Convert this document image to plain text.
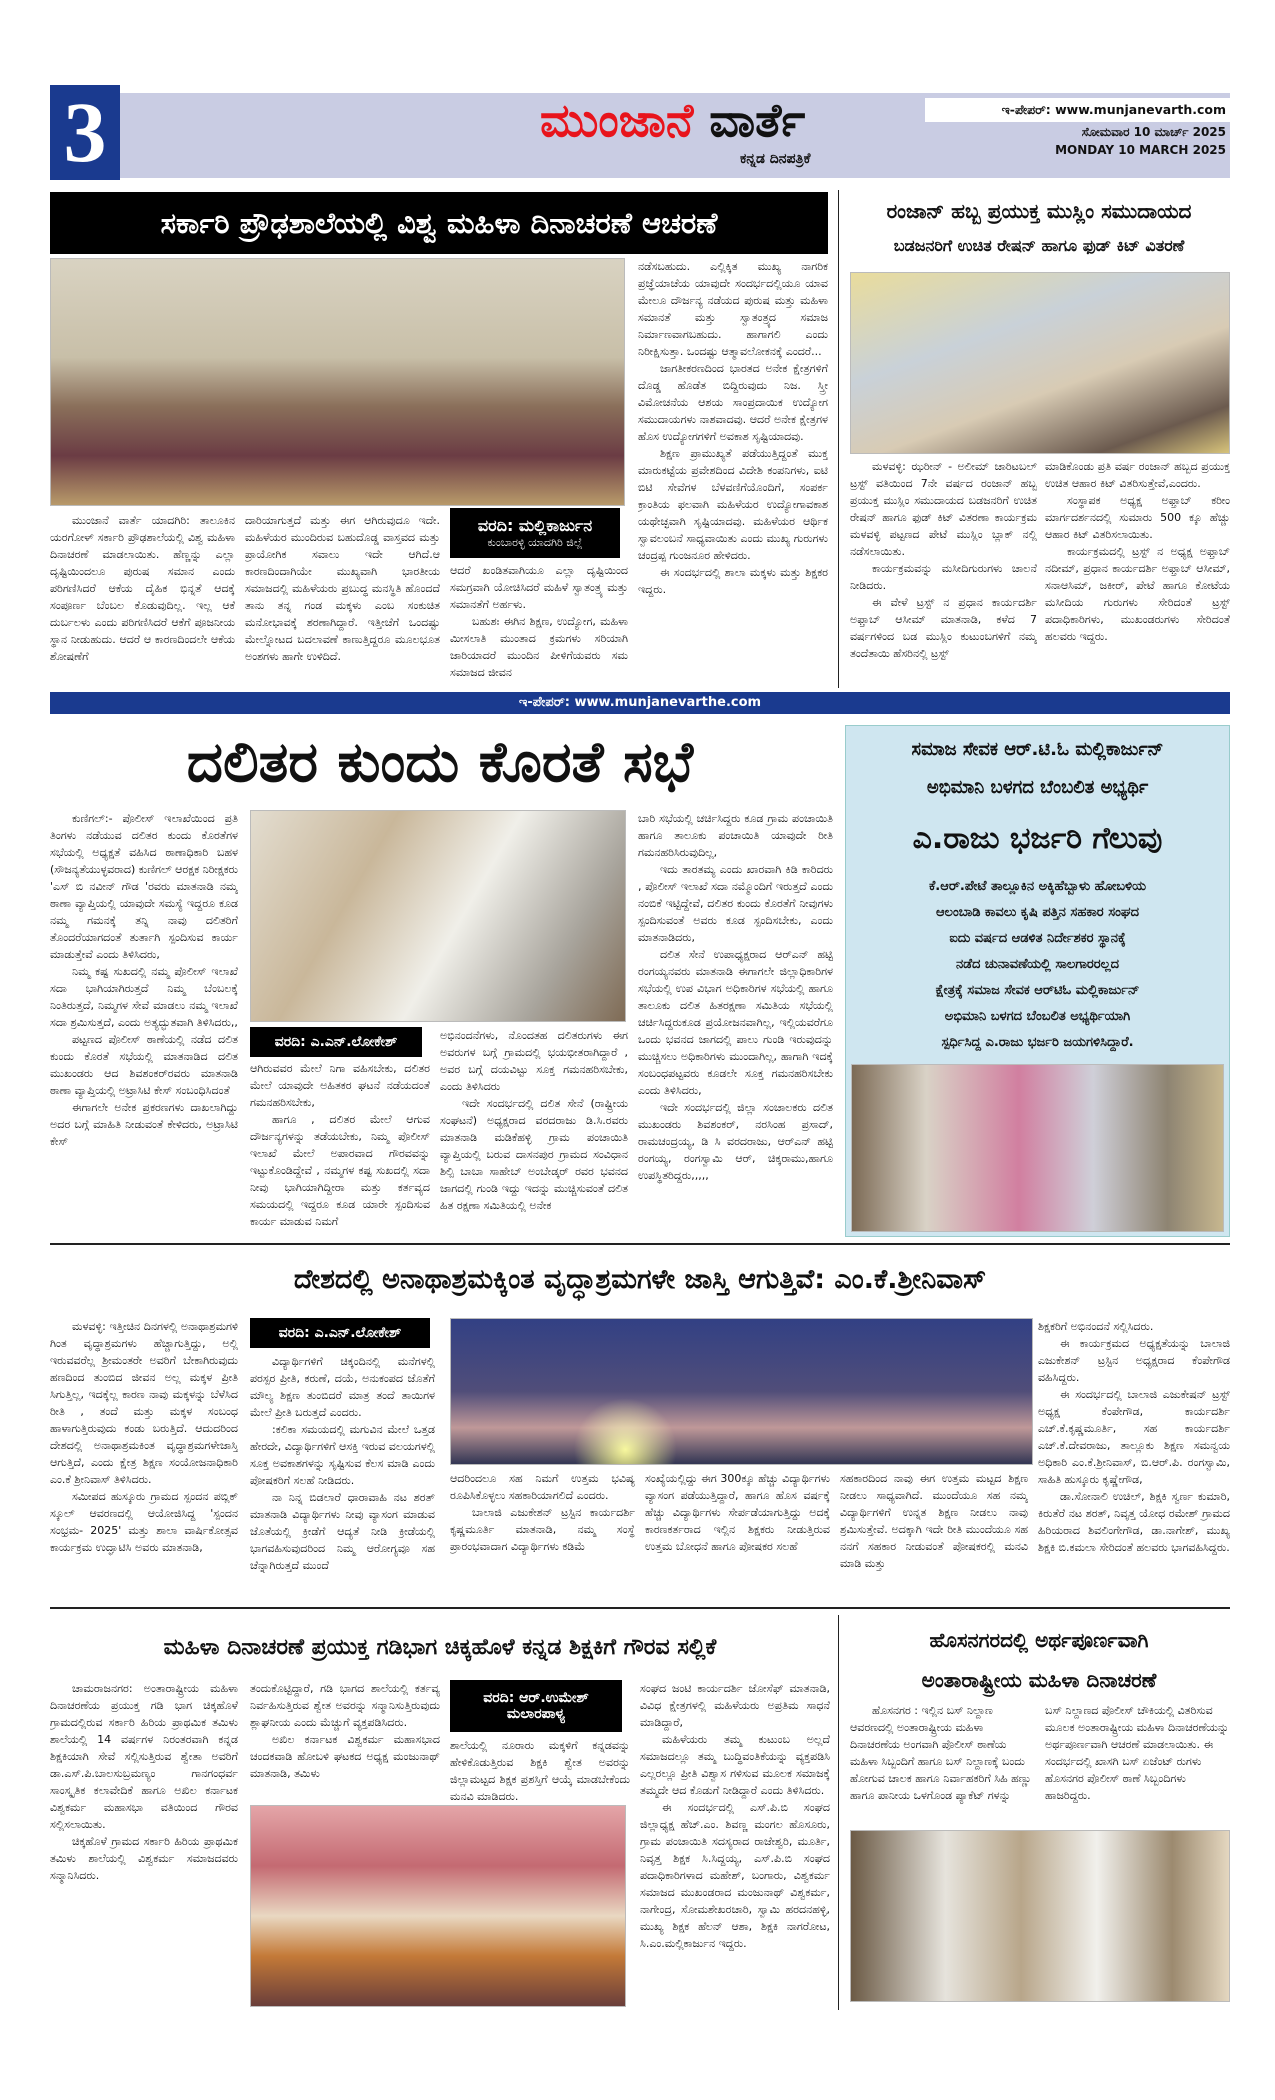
3	ಮುಂಜಾನೆ ವಾರ್ತೆ
ಕನ್ನಡ ದಿನಪತ್ರಿಕೆ
ಇ-ಪೇಪರ್: www.munjanevarth.com
ಸೋಮವಾರ 10 ಮಾರ್ಚ್ 2025
MONDAY 10 MARCH 2025
ಸರ್ಕಾರಿ ಪ್ರೌಢಶಾಲೆಯಲ್ಲಿ ವಿಶ್ವ ಮಹಿಳಾ ದಿನಾಚರಣೆ ಆಚರಣೆ

ಮುಂಜಾನೆ ವಾರ್ತೆ ಯಾದಗಿರಿ: ತಾಲೂಕಿನ ಯರಗೋಳ್ ಸರ್ಕಾರಿ ಪ್ರೌಢಶಾಲೆಯಲ್ಲಿ ವಿಶ್ವ ಮಹಿಳಾ ದಿನಾಚರಣೆ ಮಾಡಲಾಯಿತು. ಹೆಣ್ಣನ್ನು ಎಲ್ಲಾ ದೃಷ್ಟಿಯಿಂದಲೂ ಪುರುಷ ಸಮಾನ ಎಂದು ಪರಿಗಣಿಸಿದರೆ ಆಕೆಯ ದೈಹಿಕ ಭಿನ್ನತೆ ಆದಕ್ಕೆ ಸಂಪೂರ್ಣ ಬೆಂಬಲ ಕೊಡುವುದಿಲ್ಲ. ಇಲ್ಲ ಆಕೆ ದುರ್ಬಲಳು ಎಂದು ಪರಿಗಣಿಸಿದರೆ ಆಕೆಗೆ ಪೂಜನೀಯ ಸ್ಥಾನ ನೀಡುಹುದು. ಆದರೆ ಆ ಕಾರಣದಿಂದಲೇ ಆಕೆಯ ಶೋಷಣೆಗೆ

ದಾರಿಯಾಗುತ್ತದೆ ಮತ್ತು ಈಗ ಆಗಿರುವುದೂ ಇದೇ. ಮಹಿಳೆಯರ ಮುಂದಿರುವ ಬಹುದೊಡ್ಡ ವಾಸ್ತವದ ಮತ್ತು ಪ್ರಾಯೋಗಿಕ ಸವಾಲು ಇದೇ ಆಗಿದೆ.ಆ ಕಾರಣದಿಂದಾಗಿಯೇ ಮುಖ್ಯವಾಗಿ ಭಾರತೀಯ ಸಮಾಜದಲ್ಲಿ ಮಹಿಳೆಯರು ಪ್ರಬುದ್ಧ ಮನಸ್ಥಿತಿ ಹೊಂದದೆ ತಾನು ತನ್ನ ಗಂಡ ಮಕ್ಕಳು ಎಂಬ ಸಂಕುಚಿತ ಮನೋಭಾವಕ್ಕೆ ಶರಣಾಗಿದ್ದಾರೆ. ಇತ್ತೀಚೆಗೆ ಒಂದಷ್ಟು ಮೇಲ್ನೋಟದ ಬದಲಾವಣೆ ಕಾಣುತ್ತಿದ್ದರೂ ಮೂಲಭೂತ ಅಂಶಗಳು ಹಾಗೇ ಉಳಿದಿದೆ.

ವರದಿ: ಮಲ್ಲಿಕಾರ್ಜುನ
ಕುಂಬಾರಳ್ಳಿ ಯಾದಗಿರಿ ಜಿಲ್ಲೆ

ಆದರೆ ಖಂಡಿತವಾಗಿಯೂ ಎಲ್ಲಾ ದೃಷ್ಟಿಯಿಂದ ಸಮಗ್ರವಾಗಿ ಯೋಚಿಸಿದರೆ ಮಹಿಳೆ ಸ್ವಾತಂತ್ರ್ಯ ಮತ್ತು ಸಮಾನತೆಗೆ ಅರ್ಹಳು.

ಬಹುಶಃ ಈಗಿನ ಶಿಕ್ಷಣ, ಉದ್ಯೋಗ, ಮಹಿಳಾ ಮೀಸಲಾತಿ ಮುಂತಾದ ಕ್ರಮಗಳು ಸರಿಯಾಗಿ ಜಾರಿಯಾದರೆ ಮುಂದಿನ ಪೀಳಿಗೆಯವರು ಸಮ ಸಮಾಜದ ಜೀವನ

ನಡೆಸಬಹುದು. ಎಲ್ಲಿಕ್ಕಿತ ಮುಖ್ಯ ನಾಗರಿಕ ಪ್ರಜ್ಞೆಯಾಚೆಯ ಯಾವುದೇ ಸಂದರ್ಭದಲ್ಲಿಯೂ ಯಾವ ಮೇಲೂ ದೌರ್ಜನ್ಯ ನಡೆಯದ ಪುರುಷ ಮತ್ತು ಮಹಿಳಾ ಸಮಾನತೆ ಮತ್ತು ಸ್ವಾತಂತ್ರ್ಯದ ಸಮಾಜ ನಿರ್ಮಾಣವಾಗಬಹುದು. ಹಾಗಾಗಲಿ ಎಂದು ನಿರೀಕ್ಷಿಸುತ್ತಾ. ಒಂದಷ್ಟು ಆತ್ಮಾವಲೋಕನಕ್ಕೆ ಎಂದರೆ...

ಜಾಗತೀಕರಣದಿಂದ ಭಾರತದ ಅನೇಕ ಕ್ಷೇತ್ರಗಳಿಗೆ ದೊಡ್ಡ ಹೊಡೆತ ಬಿದ್ದಿರುವುದು ನಿಜ. ಸ್ತ್ರೀ ವಿಮೋಚನೆಯ ಆಶಯ ಸಾಂಪ್ರದಾಯಿಕ ಉದ್ಯೋಗ ಸಮುದಾಯಗಳು ನಾಶವಾದವು. ಆದರೆ ಅನೇಕ ಕ್ಷೇತ್ರಗಳ ಹೊಸ ಉದ್ಯೋಗಗಳಿಗೆ ಅವಕಾಶ ಸೃಷ್ಟಿಯಾದವು.

ಶಿಕ್ಷಣ ಪ್ರಾಮುಖ್ಯತೆ ಪಡೆಯುತ್ತಿದ್ದಂತೆ ಮುಕ್ತ ಮಾರುಕಟ್ಟೆಯ ಪ್ರವೇಶದಿಂದ ವಿದೇಶಿ ಕಂಪನಿಗಳು, ಐಟಿ ಬಿಟಿ ಸೇವೆಗಳ ಬೆಳವಣಿಗೆಯೊಂದಿಗೆ, ಸಂಪರ್ಕ ಕ್ರಾಂತಿಯ ಫಲವಾಗಿ ಮಹಿಳೆಯರ ಉದ್ಯೋಗಾವಕಾಶ ಯಥೇಚ್ಛವಾಗಿ ಸೃಷ್ಟಿಯಾದವು. ಮಹಿಳೆಯರ ಆರ್ಥಿಕ ಸ್ವಾವಲಂಬನೆ ಸಾಧ್ಯವಾಯಿತು ಎಂದು ಮುಖ್ಯ ಗುರುಗಳು ಚಂದ್ರಪ್ಪ ಗುಂಜನೂರ ಹೇಳಿದರು.

ಈ ಸಂದರ್ಭದಲ್ಲಿ ಶಾಲಾ ಮಕ್ಕಳು ಮತ್ತು ಶಿಕ್ಷಕರ ಇದ್ದರು.

ರಂಜಾನ್ ಹಬ್ಬ ಪ್ರಯುಕ್ತ ಮುಸ್ಲಿಂ ಸಮುದಾಯದ
ಬಡಜನರಿಗೆ ಉಚಿತ ರೇಷನ್ ಹಾಗೂ ಫುಡ್ ಕಿಟ್ ವಿತರಣೆ

ಮಳವಳ್ಳಿ: ಝರೀನ್ - ಅಲೀಮ್ ಚಾರಿಟಬಲ್ ಟ್ರಸ್ಟ್ ವತಿಯಿಂದ 7ನೇ ವರ್ಷದ ರಂಜಾನ್ ಹಬ್ಬ ಪ್ರಯುಕ್ತ ಮುಸ್ಲಿಂ ಸಮುದಾಯದ ಬಡಜನರಿಗೆ ಉಚಿತ ರೇಷನ್ ಹಾಗೂ ಫುಡ್ ಕಿಟ್ ವಿತರಣಾ ಕಾರ್ಯಕ್ರಮ ಮಳವಳ್ಳಿ ಪಟ್ಟಣದ ಪೇಟೆ ಮುಸ್ಲಿಂ ಬ್ಲಾಕ್ ನಲ್ಲಿ ನಡೆಸಲಾಯಿತು.

ಕಾರ್ಯಕ್ರಮವನ್ನು ಮಸೀದಿಗುರುಗಳು ಚಾಲನೆ ನೀಡಿದರು.

ಈ ವೇಳೆ ಟ್ರಸ್ಟ್ ನ ಪ್ರಧಾನ ಕಾರ್ಯದರ್ಶಿ ಅಫ್ತಾಬ್ ಆಸೀಮ್ ಮಾತನಾಡಿ, ಕಳೆದ 7 ವರ್ಷಗಳಿಂದ ಬಡ ಮುಸ್ಲಿಂ ಕುಟುಂಬಗಳಿಗೆ ನಮ್ಮ ತಂದೆತಾಯಿ ಹೆಸರಿನಲ್ಲಿ ಟ್ರಸ್ಟ್

ಮಾಡಿಕೊಂಡು ಪ್ರತಿ ವರ್ಷ ರಂಜಾನ್ ಹಬ್ಬದ ಪ್ರಯುಕ್ತ ಉಚಿತ ಆಹಾರ ಕಿಟ್ ವಿತರಿಸುತ್ತೇವೆ,ಎಂದರು.

ಸಂಸ್ಥಾಪಕ ಅಧ್ಯಕ್ಷ ಅಫ್ತಾಬ್ ಕರೀಂ ಮಾರ್ಗದರ್ಶನದಲ್ಲಿ ಸುಮಾರು 500 ಕ್ಕೂ ಹೆಚ್ಚು ಆಹಾರ ಕಿಟ್ ವಿತರಿಸಲಾಯಿತು.

ಕಾರ್ಯಕ್ರಮದಲ್ಲಿ ಟ್ರಸ್ಟ್ ನ ಅಧ್ಯಕ್ಷ ಅಫ್ತಾಬ್ ನದೀಮ್, ಪ್ರಧಾನ ಕಾರ್ಯದರ್ಶಿ ಅಫ್ತಾಬ್ ಆಸೀಮ್, ಸನಾಆಸಿಮ್, ಜಕೀರ್, ಪೇಟೆ ಹಾಗೂ ಕೋಟೆಯ ಮಸೀದಿಯ ಗುರುಗಳು ಸೇರಿದಂತೆ ಟ್ರಸ್ಟ್ ಪದಾಧಿಕಾರಿಗಳು, ಮುಖಂಡರುಗಳು ಸೇರಿದಂತೆ ಹಲವರು ಇದ್ದರು.

ಇ-ಪೇಪರ್: www.munjanevarthe.com
ದಲಿತರ ಕುಂದು ಕೊರತೆ ಸಭೆ

ಕುಣಿಗಲ್:- ಪೊಲೀಸ್ ಇಲಾಖೆಯಿಂದ ಪ್ರತಿ ತಿಂಗಳು ನಡೆಯುವ ದಲಿತರ ಕುಂದು ಕೊರತೆಗಳ ಸಭೆಯಲ್ಲಿ ಅಧ್ಯಕ್ಷತೆ ವಹಿಸಿದ ಠಾಣಾಧಿಕಾರಿ ಬಹಳ (ಸೌಜನ್ಯತೆಯುಳ್ಳವರಾದ) ಕುಣಿಗಲ್ ಆರಕ್ಷಕ ನಿರೀಕ್ಷಕರು 'ಎಸ್ ಬಿ ನವೀನ್ ಗೌಡ 'ರವರು ಮಾತನಾಡಿ ನಮ್ಮ ಠಾಣಾ ವ್ಯಾಪ್ತಿಯಲ್ಲಿ ಯಾವುದೇ ಸಮಸ್ಯೆ ಇದ್ದರೂ ಕೂಡ ನಮ್ಮ ಗಮನಕ್ಕೆ ತನ್ನಿ ನಾವು ದಲಿತರಿಗೆ ತೊಂದರೆಯಾಗದಂತೆ ತುರ್ತಾಗಿ ಸ್ಪಂದಿಸುವ ಕಾರ್ಯ ಮಾಡುತ್ತೇವೆ ಎಂದು ತಿಳಿಸಿದರು,

ನಿಮ್ಮ ಕಷ್ಟ ಸುಖದಲ್ಲಿ ನಮ್ಮ ಪೊಲೀಸ್ ಇಲಾಖೆ ಸದಾ ಭಾಗಿಯಾಗಿರುತ್ತದೆ ನಿಮ್ಮ ಬೆಂಬಲಕ್ಕೆ ನಿಂತಿರುತ್ತದೆ, ನಿಮ್ಮಗಳ ಸೇವೆ ಮಾಡಲು ನಮ್ಮ ಇಲಾಖೆ ಸದಾ ಶ್ರಮಿಸುತ್ತದೆ, ಎಂದು ಅತ್ಯದ್ಭುತವಾಗಿ ತಿಳಿಸಿದರು,,

ಪಟ್ಟಣದ ಪೊಲೀಸ್ ಠಾಣೆಯಲ್ಲಿ ನಡೆದ ದಲಿತ ಕುಂದು ಕೊರತೆ ಸಭೆಯಲ್ಲಿ ಮಾತನಾಡಿದ ದಲಿತ ಮುಖಂಡರು ಆದ ಶಿವಶಂಕರ್‌ರವರು ಮಾತನಾಡಿ ಠಾಣಾ ವ್ಯಾಪ್ತಿಯಲ್ಲಿ ಅಟ್ರಾಸಿಟಿ ಕೇಸ್ ಸಂಬಂಧಿಸಿದಂತೆ

ಈಗಾಗಲೇ ಅನೇಕ ಪ್ರಕರಣಗಳು ದಾಖಲಾಗಿದ್ದು ಅದರ ಬಗ್ಗೆ ಮಾಹಿತಿ ನೀಡುವಂತೆ ಕೇಳಿದರು, ಅಟ್ರಾಸಿಟಿ ಕೇಸ್

ವರದಿ: ಎ.ಎನ್.ಲೋಕೇಶ್

ಆಗಿರುವವರ ಮೇಲೆ ನಿಗಾ ವಹಿಸಬೇಕು, ದಲಿತರ ಮೇಲೆ ಯಾವುದೇ ಅಹಿತಕರ ಘಟನೆ ನಡೆಯದಂತೆ ಗಮನಹರಿಸಬೇಕು,

ಹಾಗೂ , ದಲಿತರ ಮೇಲೆ ಆಗುವ ದೌರ್ಜನ್ಯಗಳನ್ನು ತಡೆಯಬೇಕು, ನಿಮ್ಮ ಪೊಲೀಸ್ ಇಲಾಖೆ ಮೇಲೆ ಅಪಾರವಾದ ಗೌರವವನ್ನು ಇಟ್ಟುಕೊಂಡಿದ್ದೇವೆ , ನಮ್ಮಗಳ ಕಷ್ಟ ಸುಖದಲ್ಲಿ ಸದಾ ನೀವು ಭಾಗಿಯಾಗಿದ್ದೀರಾ ಮತ್ತು ಕರ್ತವ್ಯದ ಸಮಯದಲ್ಲಿ ಇದ್ದರೂ ಕೂಡ ಯಾರೇ ಸ್ಪಂದಿಸುವ ಕಾರ್ಯ ಮಾಡುವ ನಿಮಗೆ

ಅಭಿನಂದನೆಗಳು, ನೊಂದತಹ ದಲಿತರುಗಳು ಈಗ ಅವರುಗಳ ಬಗ್ಗೆ ಗ್ರಾಮದಲ್ಲಿ ಭಯಭೀತರಾಗಿದ್ದಾರೆ , ಅವರ ಬಗ್ಗೆ ದಯವಿಟ್ಟು ಸೂಕ್ತ ಗಮನಹರಿಸಬೇಕು, ಎಂದು ತಿಳಿಸಿದರು

ಇದೇ ಸಂದರ್ಭದಲ್ಲಿ ದಲಿತ ಸೇನೆ (ರಾಷ್ಟ್ರೀಯ ಸಂಘಟನೆ) ಅಧ್ಯಕ್ಷರಾದ ವರದರಾಜು ಡಿ.ಸಿ.ರವರು ಮಾತನಾಡಿ ಮಡಿಕೆಹಳ್ಳಿ ಗ್ರಾಮ ಪಂಚಾಯಿತಿ ವ್ಯಾಪ್ತಿಯಲ್ಲಿ ಬರುವ ದಾಸನಪುರ ಗ್ರಾಮದ ಸಂವಿಧಾನ ಶಿಲ್ಪಿ ಬಾಬಾ ಸಾಹೇಬ್ ಅಂಬೇಡ್ಕರ್ ರವರ ಭವನದ ಜಾಗದಲ್ಲಿ ಗುಂಡಿ ಇದ್ದು ಇದನ್ನು ಮುಚ್ಚಿಸುವಂತೆ ದಲಿತ ಹಿತ ರಕ್ಷಣಾ ಸಮಿತಿಯಲ್ಲಿ ಅನೇಕ

ಬಾರಿ ಸಭೆಯಲ್ಲಿ ಚರ್ಚಿಸಿದ್ದರು ಕೂಡ ಗ್ರಾಮ ಪಂಚಾಯಿತಿ ಹಾಗೂ ತಾಲೂಕು ಪಂಚಾಯಿತಿ ಯಾವುದೇ ರೀತಿ ಗಮನಹರಿಸಿರುವುದಿಲ್ಲ,

ಇದು ತಾರತಮ್ಯ ಎಂದು ಖಾರವಾಗಿ ಕಿಡಿ ಕಾರಿದರು , ಪೊಲೀಸ್ ಇಲಾಖೆ ಸದಾ ನಮ್ಮೊಂದಿಗೆ ಇರುತ್ತದೆ ಎಂದು ನಂಬಿಕೆ ಇಟ್ಟಿದ್ದೇವೆ, ದಲಿತರ ಕುಂದು ಕೊರತೆಗೆ ನೀವುಗಳು ಸ್ಪಂದಿಸುವಂತೆ ಅವರು ಕೂಡ ಸ್ಪಂದಿಸಬೇಕು, ಎಂದು ಮಾತನಾಡಿದರು,

ದಲಿತ ಸೇನೆ ಉಪಾಧ್ಯಕ್ಷರಾದ ಆರ್‌ಎನ್ ಹಟ್ಟಿ ರಂಗಯ್ಯನವರು ಮಾತನಾಡಿ ಈಗಾಗಲೇ ಜಿಲ್ಲಾಧಿಕಾರಿಗಳ ಸಭೆಯಲ್ಲಿ ಉಪ ವಿಭಾಗ ಅಧಿಕಾರಿಗಳ ಸಭೆಯಲ್ಲಿ ಹಾಗೂ ತಾಲೂಕು ದಲಿತ ಹಿತರಕ್ಷಣಾ ಸಮಿತಿಯ ಸಭೆಯಲ್ಲಿ ಚರ್ಚಿಸಿದ್ದರುಕೂಡ ಪ್ರಯೋಜನವಾಗಿಲ್ಲ, ಇಲ್ಲಿಯವರೆಗೂ ಒಂದು ಭವನದ ಜಾಗದಲ್ಲಿ ಪಾಲು ಗುಂಡಿ ಇರುವುದನ್ನು ಮುಚ್ಚಿಸಲು ಅಧಿಕಾರಿಗಳು ಮುಂದಾಗಿಲ್ಲ, ಹಾಗಾಗಿ ಇದಕ್ಕೆ ಸಂಬಂಧಪಟ್ಟವರು ಕೂಡಲೇ ಸೂಕ್ತ ಗಮನಹರಿಸಬೇಕು ಎಂದು ತಿಳಿಸಿದರು,

ಇದೇ ಸಂದರ್ಭದಲ್ಲಿ ಜಿಲ್ಲಾ ಸಂಚಾಲಕರು ದಲಿತ ಮುಖಂಡರು ಶಿವಶಂಕರ್, ನರಸಿಂಹ ಪ್ರಸಾದ್, ರಾಮಚಂದ್ರಯ್ಯ, ಡಿ ಸಿ ವರದರಾಜು, ಆರ್‌ಎನ್ ಹಟ್ಟಿ ರಂಗಯ್ಯ, ರಂಗಸ್ವಾಮಿ ಆರ್, ಚಿಕ್ಕರಾಮು,ಹಾಗೂ ಉಪಸ್ಥಿತರಿದ್ದರು,,,,,

ಸಮಾಜ ಸೇವಕ ಆರ್.ಟಿ.ಓ ಮಲ್ಲಿಕಾರ್ಜುನ್
ಅಭಿಮಾನಿ ಬಳಗದ ಬೆಂಬಲಿತ ಅಭ್ಯರ್ಥಿ
ಎ.ರಾಜು ಭರ್ಜರಿ ಗೆಲುವು
ಕೆ.ಆರ್.ಪೇಟೆ ತಾಲ್ಲೂಕಿನ ಅಕ್ಕಿಹೆಬ್ಬಾಳು ಹೋಬಳಿಯ
ಆಲಂಬಾಡಿ ಕಾವಲು ಕೃಷಿ ಪತ್ತಿನ ಸಹಕಾರ ಸಂಘದ
ಐದು ವರ್ಷದ ಆಡಳಿತ ನಿರ್ದೇಶಕರ ಸ್ಥಾನಕ್ಕೆ
ನಡೆದ ಚುನಾವಣೆಯಲ್ಲಿ ಸಾಲಗಾರರಲ್ಲದ
ಕ್ಷೇತ್ರಕ್ಕೆ ಸಮಾಜ ಸೇವಕ ಆರ್‌ಟಿಓ ಮಲ್ಲಿಕಾರ್ಜುನ್
ಅಭಿಮಾನಿ ಬಳಗದ ಬೆಂಬಲಿತ ಅಭ್ಯರ್ಥಿಯಾಗಿ
ಸ್ಪರ್ಧಿಸಿದ್ದ ಎ.ರಾಜು ಭರ್ಜರಿ ಜಯಗಳಿಸಿದ್ದಾರೆ.
ದೇಶದಲ್ಲಿ ಅನಾಥಾಶ್ರಮಕ್ಕಿಂತ ವೃದ್ಧಾಶ್ರಮಗಳೇ ಜಾಸ್ತಿ ಆಗುತ್ತಿವೆ: ಎಂ.ಕೆ.ಶ್ರೀನಿವಾಸ್

ಮಳವಳ್ಳಿ: ಇತ್ತೀಚಿನ ದಿನಗಳಲ್ಲಿ ಅನಾಥಾಶ್ರಮಗಳಿ ಗಿಂತ ವೃದ್ಧಾಶ್ರಮಗಳು ಹೆಚ್ಚಾಗುತ್ತಿದ್ದು, ಅಲ್ಲಿ ಇರುವವರೆಲ್ಲ ಶ್ರೀಮಂತರೇ ಅವರಿಗೆ ಬೇಕಾಗಿರುವುದು ಹಣದಿಂದ ತುಂಬಿದ ಜೀವನ ಅಲ್ಲ ಮಕ್ಕಳ ಪ್ರೀತಿ ಸಿಗುತ್ತಿಲ್ಲ, ಇದಕ್ಕೆಲ್ಲ ಕಾರಣ ನಾವು ಮಕ್ಕಳನ್ನು ಬೆಳೆಸಿದ ರೀತಿ , ತಂದೆ ಮತ್ತು ಮಕ್ಕಳ ಸಂಬಂಧ ಹಾಳಾಗುತ್ತಿರುವುದು ಕಂಡು ಬರುತ್ತಿದೆ. ಆದುದರಿಂದ ದೇಶದಲ್ಲಿ ಅನಾಥಾಶ್ರಮಕಿಂತ ವೃದ್ಧಾಶ್ರಮಗಳೇಜಾಸ್ತಿ ಆಗುತ್ತಿದೆ, ಎಂದು ಕ್ಷೇತ್ರ ಶಿಕ್ಷಣ ಸಂಯೋಜನಾಧಿಕಾರಿ ಎಂ.ಕೆ ಶ್ರೀನಿವಾಸ್ ತಿಳಿಸಿದರು.

ಸಮೀಪದ ಹುಸ್ಕೂರು ಗ್ರಾಮದ ಸ್ಪಂದನ ಪಬ್ಲಿಕ್ ಸ್ಕೂಲ್ ಆವರಣದಲ್ಲಿ ಆಯೋಜಿಸಿದ್ದ 'ಸ್ಪಂದನ ಸಂಭ್ರಮ- 2025' ಮತ್ತು ಶಾಲಾ ವಾರ್ಷಿಕೋತ್ಸವ ಕಾರ್ಯಕ್ರಮ ಉದ್ಘಾಟಿಸಿ ಅವರು ಮಾತನಾಡಿ,

ವರದಿ: ಎ.ಎನ್.ಲೋಕೇಶ್

ವಿದ್ಯಾರ್ಥಿಗಳಿಗೆ ಚಿಕ್ಕಂದಿನಲ್ಲಿ ಮನೆಗಳಲ್ಲಿ ಪರಸ್ಪರ ಪ್ರೀತಿ, ಕರುಣೆ, ದಯೆ, ಅನುಕಂಪದ ಜೊತೆಗೆ ಮೌಲ್ಯ ಶಿಕ್ಷಣ ತುಂಬಿದರೆ ಮಾತ್ರ ತಂದೆ ತಾಯಿಗಳ ಮೇಲೆ ಪ್ರೀತಿ ಬರುತ್ತದೆ ಎಂದರು.

:ಕಲಿಕಾ ಸಮಯದಲ್ಲಿ ಮಗುವಿನ ಮೇಲೆ ಒತ್ತಡ ಹೇರದೇ, ವಿದ್ಯಾರ್ಥಿಗಳಿಗೆ ಆಸಕ್ತಿ ಇರುವ ವಲಯಗಳಲ್ಲಿ ಸೂಕ್ತ ಅವಕಾಶಗಳನ್ನು ಸೃಷ್ಟಿಸುವ ಕೆಲಸ ಮಾಡಿ ಎಂದು ಪೋಷಕರಿಗೆ ಸಲಹೆ ನೀಡಿದರು.

ನಾ ನಿನ್ನ ಬಿಡಲಾರೆ ಧಾರಾವಾಹಿ ನಟ ಶರತ್ ಮಾತನಾಡಿ ವಿದ್ಯಾರ್ಥಿಗಳು ನೀವು ವ್ಯಾಸಂಗ ಮಾಡುವ ಜೊತೆಯಲ್ಲಿ ಕ್ರೀಡೆಗೆ ಆದ್ಯತೆ ನೀಡಿ ಕ್ರೀಡೆಯಲ್ಲಿ ಭಾಗವಹಿಸುವುದರಿಂದ ನಿಮ್ಮ ಆರೋಗ್ಯವೂ ಸಹ ಚೆನ್ನಾಗಿರುತ್ತದೆ ಮುಂದೆ

ಆದರಿಂದಲೂ ಸಹ ನಿಮಗೆ ಉತ್ತಮ ಭವಿಷ್ಯ ರೂಪಿಸಿಕೊಳ್ಳಲು ಸಹಕಾರಿಯಾಗಲಿದೆ ಎಂದರು.

ಬಾಲಾಜಿ ಎಜುಕೇಶನ್ ಟ್ರಸ್ಟಿನ ಕಾರ್ಯದರ್ಶಿ ಕೃಷ್ಣಮೂರ್ತಿ ಮಾತನಾಡಿ, ನಮ್ಮ ಸಂಸ್ಥೆ ಪ್ರಾರಂಭವಾದಾಗ ವಿದ್ಯಾರ್ಥಿಗಳು ಕಡಿಮೆ

ಸಂಖ್ಯೆಯಲ್ಲಿದ್ದು ಈಗ 300ಕ್ಕೂ ಹೆಚ್ಚು ವಿದ್ಯಾರ್ಥಿಗಳು ವ್ಯಾಸಂಗ ಪಡೆಯುತ್ತಿದ್ದಾರೆ, ಹಾಗೂ ಹೊಸ ವರ್ಷಕ್ಕೆ ಹೆಚ್ಚು ವಿದ್ಯಾರ್ಥಿಗಳು ಸೇರ್ಪಡೆಯಾಗುತ್ತಿದ್ದು ಅದಕ್ಕೆ ಕಾರಣಕರ್ತರಾದ ಇಲ್ಲಿನ ಶಿಕ್ಷಕರು ನೀಡುತ್ತಿರುವ ಉತ್ತಮ ಬೋಧನೆ ಹಾಗೂ ಪೋಷಕರ ಸಲಹೆ

ಸಹಕಾರದಿಂದ ನಾವು ಈಗ ಉತ್ತಮ ಮಟ್ಟದ ಶಿಕ್ಷಣ ನೀಡಲು ಸಾಧ್ಯವಾಗಿದೆ. ಮುಂದೆಯೂ ಸಹ ನಮ್ಮ ವಿದ್ಯಾರ್ಥಿಗಳಿಗೆ ಉನ್ನತ ಶಿಕ್ಷಣ ನೀಡಲು ನಾವು ಶ್ರಮಿಸುತ್ತೇವೆ. ಅದಕ್ಕಾಗಿ ಇದೇ ರೀತಿ ಮುಂದೆಯೂ ಸಹ ನನಗೆ ಸಹಕಾರ ನೀಡುವಂತೆ ಪೋಷಕರಲ್ಲಿ ಮನವಿ ಮಾಡಿ ಮತ್ತು

ಶಿಕ್ಷಕರಿಗೆ ಅಭಿನಂದನೆ ಸಲ್ಲಿಸಿದರು.

ಈ ಕಾರ್ಯಕ್ರಮದ ಅಧ್ಯಕ್ಷತೆಯನ್ನು ಬಾಲಾಜಿ ಎಜುಕೇಶನ್ ಟ್ರಸ್ಟಿನ ಅಧ್ಯಕ್ಷರಾದ ಕೆಂಪೇಗೌಡ ವಹಿಸಿದ್ದರು.

ಈ ಸಂದರ್ಭದಲ್ಲಿ ಬಾಲಾಜಿ ಎಜುಕೇಷನ್ ಟ್ರಸ್ಟ್ ಅಧ್ಯಕ್ಷ ಕೆಂಪೇಗೌಡ, ಕಾರ್ಯದರ್ಶಿ ಎಚ್.ಕೆ.ಕೃಷ್ಣಮೂರ್ತಿ, ಸಹ ಕಾರ್ಯದರ್ಶಿ ಎಚ್.ಕೆ.ದೇವರಾಜು, ತಾಲ್ಲೂಕು ಶಿಕ್ಷಣ ಸಮನ್ವಯ ಅಧಿಕಾರಿ ಎಂ.ಕೆ.ಶ್ರೀನಿವಾಸ್, ಬಿ.ಆರ್.ಪಿ. ರಂಗಸ್ವಾಮಿ, ಸಾಹಿತಿ ಹುಸ್ಕೂರು ಕೃಷ್ಣೇಗೌಡ,

ಡಾ.ಸೋನಾಲಿ ಉಚಿಲ್, ಶಿಕ್ಷಕಿ ಸ್ವರ್ಣ ಕುಮಾರಿ, ಕಿರುತೆರೆ ನಟ ಶರತ್, ನಿವೃತ್ತ ಯೋಧ ರಮೇಶ್ ಗ್ರಾಮದ ಹಿರಿಯರಾದ ಶಿವಲಿಂಗೇಗೌಡ, ಡಾ.ನಾಗೇಶ್, ಮುಖ್ಯ ಶಿಕ್ಷಕಿ ಬಿ.ಕಮಲಾ ಸೇರಿದಂತೆ ಹಲವರು ಭಾಗವಹಿಸಿದ್ದರು.

ಮಹಿಳಾ ದಿನಾಚರಣೆ ಪ್ರಯುಕ್ತ ಗಡಿಭಾಗ ಚಿಕ್ಕಹೊಳೆ ಕನ್ನಡ ಶಿಕ್ಷಕಿಗೆ ಗೌರವ ಸಲ್ಲಿಕೆ

ಚಾಮರಾಜನಗರ: ಅಂತಾರಾಷ್ಟ್ರೀಯ ಮಹಿಳಾ ದಿನಾಚರಣೆಯ ಪ್ರಯುಕ್ತ ಗಡಿ ಭಾಗ ಚಿಕ್ಕಹೊಳೆ ಗ್ರಾಮದಲ್ಲಿರುವ ಸರ್ಕಾರಿ ಹಿರಿಯ ಪ್ರಾಥಮಿಕ ತಮಿಳು ಶಾಲೆಯಲ್ಲಿ 14 ವರ್ಷಗಳ ನಿರಂತರವಾಗಿ ಕನ್ನಡ ಶಿಕ್ಷಕಿಯಾಗಿ ಸೇವೆ ಸಲ್ಲಿಸುತ್ತಿರುವ ಶ್ವೇತಾ ಅವರಿಗೆ ಡಾ.ಎಸ್.ಪಿ.ಬಾಲಸುಬ್ರಮಣ್ಯಂ ಗಾನಗಂಧರ್ವ ಸಾಂಸ್ಕೃತಿಕ ಕಲಾವೇದಿಕೆ ಹಾಗೂ ಅಖಿಲ ಕರ್ನಾಟಕ ವಿಶ್ವಕರ್ಮ ಮಹಾಸಭಾ ವತಿಯಿಂದ ಗೌರವ ಸಲ್ಲಿಸಲಾಯಿತು.

ಚಿಕ್ಕಹೊಳೆ ಗ್ರಾಮದ ಸರ್ಕಾರಿ ಹಿರಿಯ ಪ್ರಾಥಮಿಕ ತಮಿಳು ಶಾಲೆಯಲ್ಲಿ ವಿಶ್ವಕರ್ಮ ಸಮಾಜದವರು ಸನ್ಮಾನಿಸಿದರು.

ತಂದುಕೊಟ್ಟಿದ್ದಾರೆ, ಗಡಿ ಭಾಗದ ಶಾಲೆಯಲ್ಲಿ ಕರ್ತವ್ಯ ನಿರ್ವಹಿಸುತ್ತಿರುವ ಶ್ವೇತ ಅವರನ್ನು ಸನ್ಮಾನಿಸುತ್ತಿರುವುದು ಶ್ಲಾಘನೀಯ ಎಂದು ಮೆಚ್ಚುಗೆ ವ್ಯಕ್ತಪಡಿಸಿದರು.

ಅಖಿಲ ಕರ್ನಾಟಕ ವಿಶ್ವಕರ್ಮ ಮಹಾಸಭಾದ ಚಂದಕವಾಡಿ ಹೋಬಳಿ ಘಟಕದ ಅಧ್ಯಕ್ಷ ಮಂಜುನಾಥ್ ಮಾತನಾಡಿ, ತಮಿಳು

ವರದಿ: ಆರ್.ಉಮೇಶ್
ಮಲಾರಪಾಳ್ಯ

ಶಾಲೆಯಲ್ಲಿ ನೂರಾರು ಮಕ್ಕಳಿಗೆ ಕನ್ನಡವನ್ನು ಹೇಳಿಕೊಡುತ್ತಿರುವ ಶಿಕ್ಷಕಿ ಶ್ವೇತ ಅವರನ್ನು ಜಿಲ್ಲಾಮಟ್ಟದ ಶಿಕ್ಷಕ ಪ್ರಶಸ್ತಿಗೆ ಆಯ್ಕೆ ಮಾಡಬೇಕೆಂದು ಮನವಿ ಮಾಡಿದರು.

ಸಂಘದ ಜಂಟಿ ಕಾರ್ಯದರ್ಶಿ ಜೋಸೆಫ್ ಮಾತನಾಡಿ, ವಿವಿಧ ಕ್ಷೇತ್ರಗಳಲ್ಲಿ ಮಹಿಳೆಯರು ಅಪ್ರತಿಮ ಸಾಧನೆ ಮಾಡಿದ್ದಾರೆ,

ಮಹಿಳೆಯರು ತಮ್ಮ ಕುಟುಂಬ ಅಲ್ಲದೆ ಸಮಾಜದಲ್ಲೂ ತಮ್ಮ ಬುದ್ಧಿವಂತಿಕೆಯನ್ನು ವ್ಯಕ್ತಪಡಿಸಿ ಎಲ್ಲರಲ್ಲೂ ಪ್ರೀತಿ ವಿಶ್ವಾಸ ಗಳಿಸುವ ಮೂಲಕ ಸಮಾಜಕ್ಕೆ ತಮ್ಮದೇ ಆದ ಕೊಡುಗೆ ನೀಡಿದ್ದಾರೆ ಎಂದು ತಿಳಿಸಿದರು.

ಈ ಸಂದರ್ಭದಲ್ಲಿ ಎಸ್.ಪಿ.ಬಿ ಸಂಘದ ಜಿಲ್ಲಾಧ್ಯಕ್ಷ ಹೆಚ್.ಎಂ. ಶಿವಣ್ಣ ಮಂಗಲ ಹೊಸೂರು, ಗ್ರಾಮ ಪಂಚಾಯಿತಿ ಸದಸ್ಯರಾದ ರಾಜೇಶ್ವರಿ, ಮೂರ್ತಿ, ನಿವೃತ್ತ ಶಿಕ್ಷಕ ಸಿ.ಸಿದ್ದಯ್ಯ, ಎಸ್.ಪಿ.ಬಿ ಸಂಘದ ಪದಾಧಿಕಾರಿಗಳಾದ ಮಹೇಶ್, ಬಂಗಾರು, ವಿಶ್ವಕರ್ಮ ಸಮಾಜದ ಮುಖಂಡರಾದ ಮಂಜುನಾಥ್ ವಿಶ್ವಕರ್ಮ, ನಾಗೇಂದ್ರ, ಸೋಮಶೇಖರಚಾರಿ, ಸ್ವಾಮಿ ಹರದನಹಳ್ಳಿ, ಮುಖ್ಯ ಶಿಕ್ಷಕ ಹೆಲನ್ ಆಶಾ, ಶಿಕ್ಷಕಿ ನಾಗರೋಟ, ಸಿ.ಎಂ.ಮಲ್ಲಿಕಾರ್ಜುನ ಇದ್ದರು.

ಹೊಸನಗರದಲ್ಲಿ ಅರ್ಥಪೂರ್ಣವಾಗಿ
ಅಂತಾರಾಷ್ಟ್ರೀಯ ಮಹಿಳಾ ದಿನಾಚರಣೆ

ಹೊಸನಗರ : ಇಲ್ಲಿನ ಬಸ್ ನಿಲ್ದಾಣ ಆವರಣದಲ್ಲಿ ಅಂತಾರಾಷ್ಟ್ರೀಯ ಮಹಿಳಾ ದಿನಾಚರಣೆಯ ಅಂಗವಾಗಿ ಪೊಲೀಸ್ ಠಾಣೆಯ ಮಹಿಳಾ ಸಿಬ್ಬಂದಿಗೆ ಹಾಗೂ ಬಸ್ ನಿಲ್ದಾಣಕ್ಕೆ ಬಂದು ಹೋಗುವ ಚಾಲಕ ಹಾಗೂ ನಿರ್ವಾಹಕರಿಗೆ ಸಿಹಿ ಹಣ್ಣು ಹಾಗೂ ಪಾನೀಯ ಒಳಗೊಂಡ ಪ್ಯಾಕೆಟ್ ಗಳನ್ನು

ಬಸ್ ನಿಲ್ದಾಣದ ಪೊಲೀಸ್ ಚೌಕಿಯಲ್ಲಿ ವಿತರಿಸುವ ಮೂಲಕ ಅಂತಾರಾಷ್ಟ್ರೀಯ ಮಹಿಳಾ ದಿನಾಚರಣೆಯನ್ನು ಅರ್ಥಪೂರ್ಣವಾಗಿ ಆಚರಣೆ ಮಾಡಲಾಯಿತು. ಈ ಸಂದರ್ಭದಲ್ಲಿ ಖಾಸಗಿ ಬಸ್ ಏಜೆಂಟ್ ರುಗಳು ಹೊಸನಗರ ಪೊಲೀಸ್ ಠಾಣೆ ಸಿಬ್ಬಂದಿಗಳು ಹಾಜರಿದ್ದರು.
